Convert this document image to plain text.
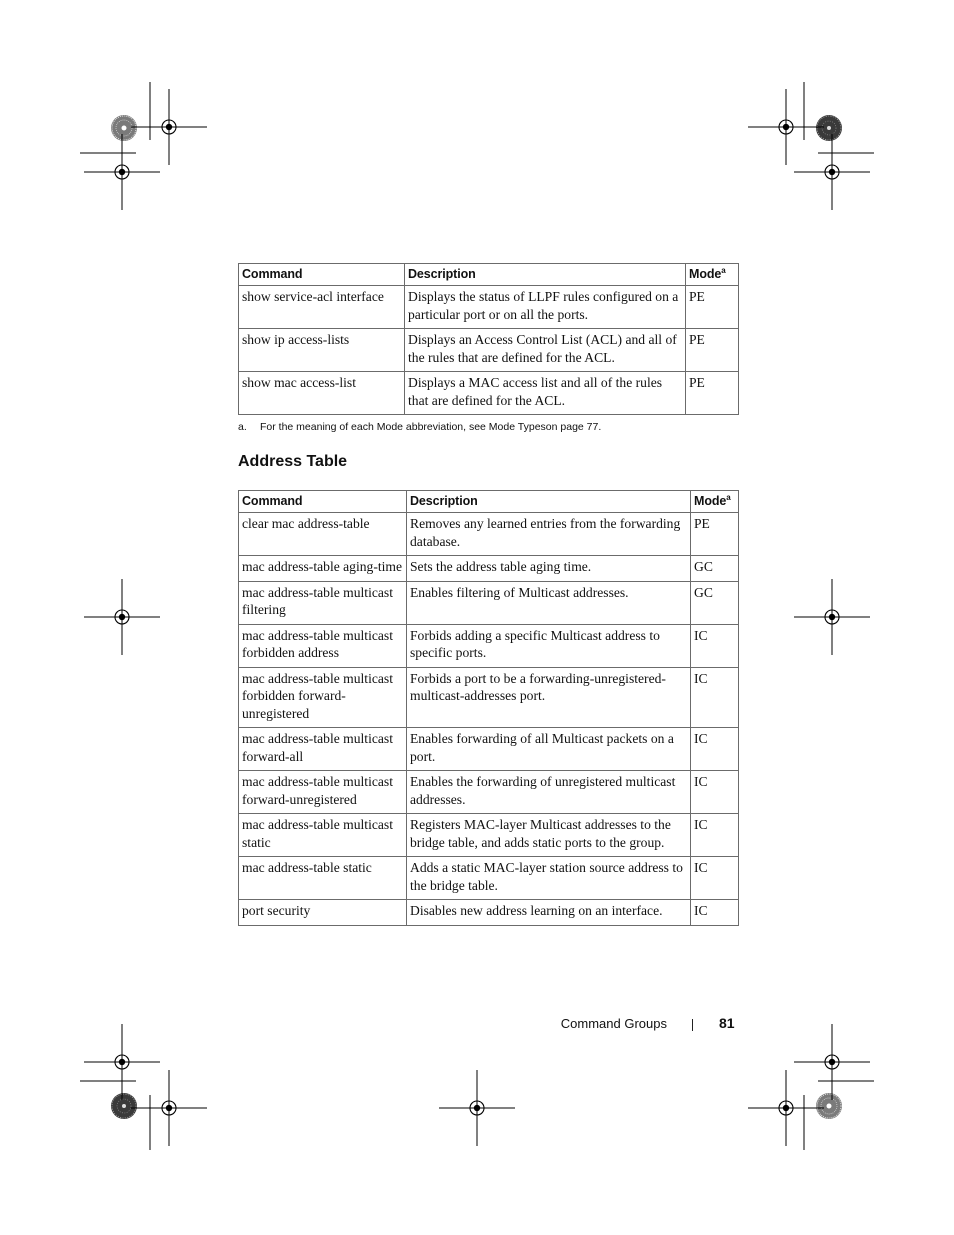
Command	Description	Mode$^a$
show service-acl interface	Displays the status of LLPF rules configured on a particular port or on all the ports.	PE
show ip access-lists	Displays an Access Control List (ACL) and all of the rules that are defined for the ACL.	PE
show mac access-list	Displays a MAC access list and all of the rules that are defined for the ACL.	PE
a. For the meaning of each Mode abbreviation, see Mode Typeson page 77.
Address Table
Command	Description	Mode$^a$
clear mac address-table	Removes any learned entries from the forwarding database.	PE
mac address-table aging-time	Sets the address table aging time.	GC
mac address-table multicast filtering	Enables filtering of Multicast addresses.	GC
mac address-table multicast forbidden address	Forbids adding a specific Multicast address to specific ports.	IC
mac address-table multicast forbidden forward-unregistered	Forbids a port to be a forwarding-unregistered-multicast-addresses port.	IC
mac address-table multicast forward-all	Enables forwarding of all Multicast packets on a port.	IC
mac address-table multicast forward-unregistered	Enables the forwarding of unregistered multicast addresses.	IC
mac address-table multicast static	Registers MAC-layer Multicast addresses to the bridge table, and adds static ports to the group.	IC
mac address-table static	Adds a static MAC-layer station source address to the bridge table.	IC
port security	Disables new address learning on an interface.	IC
Command Groups	81
